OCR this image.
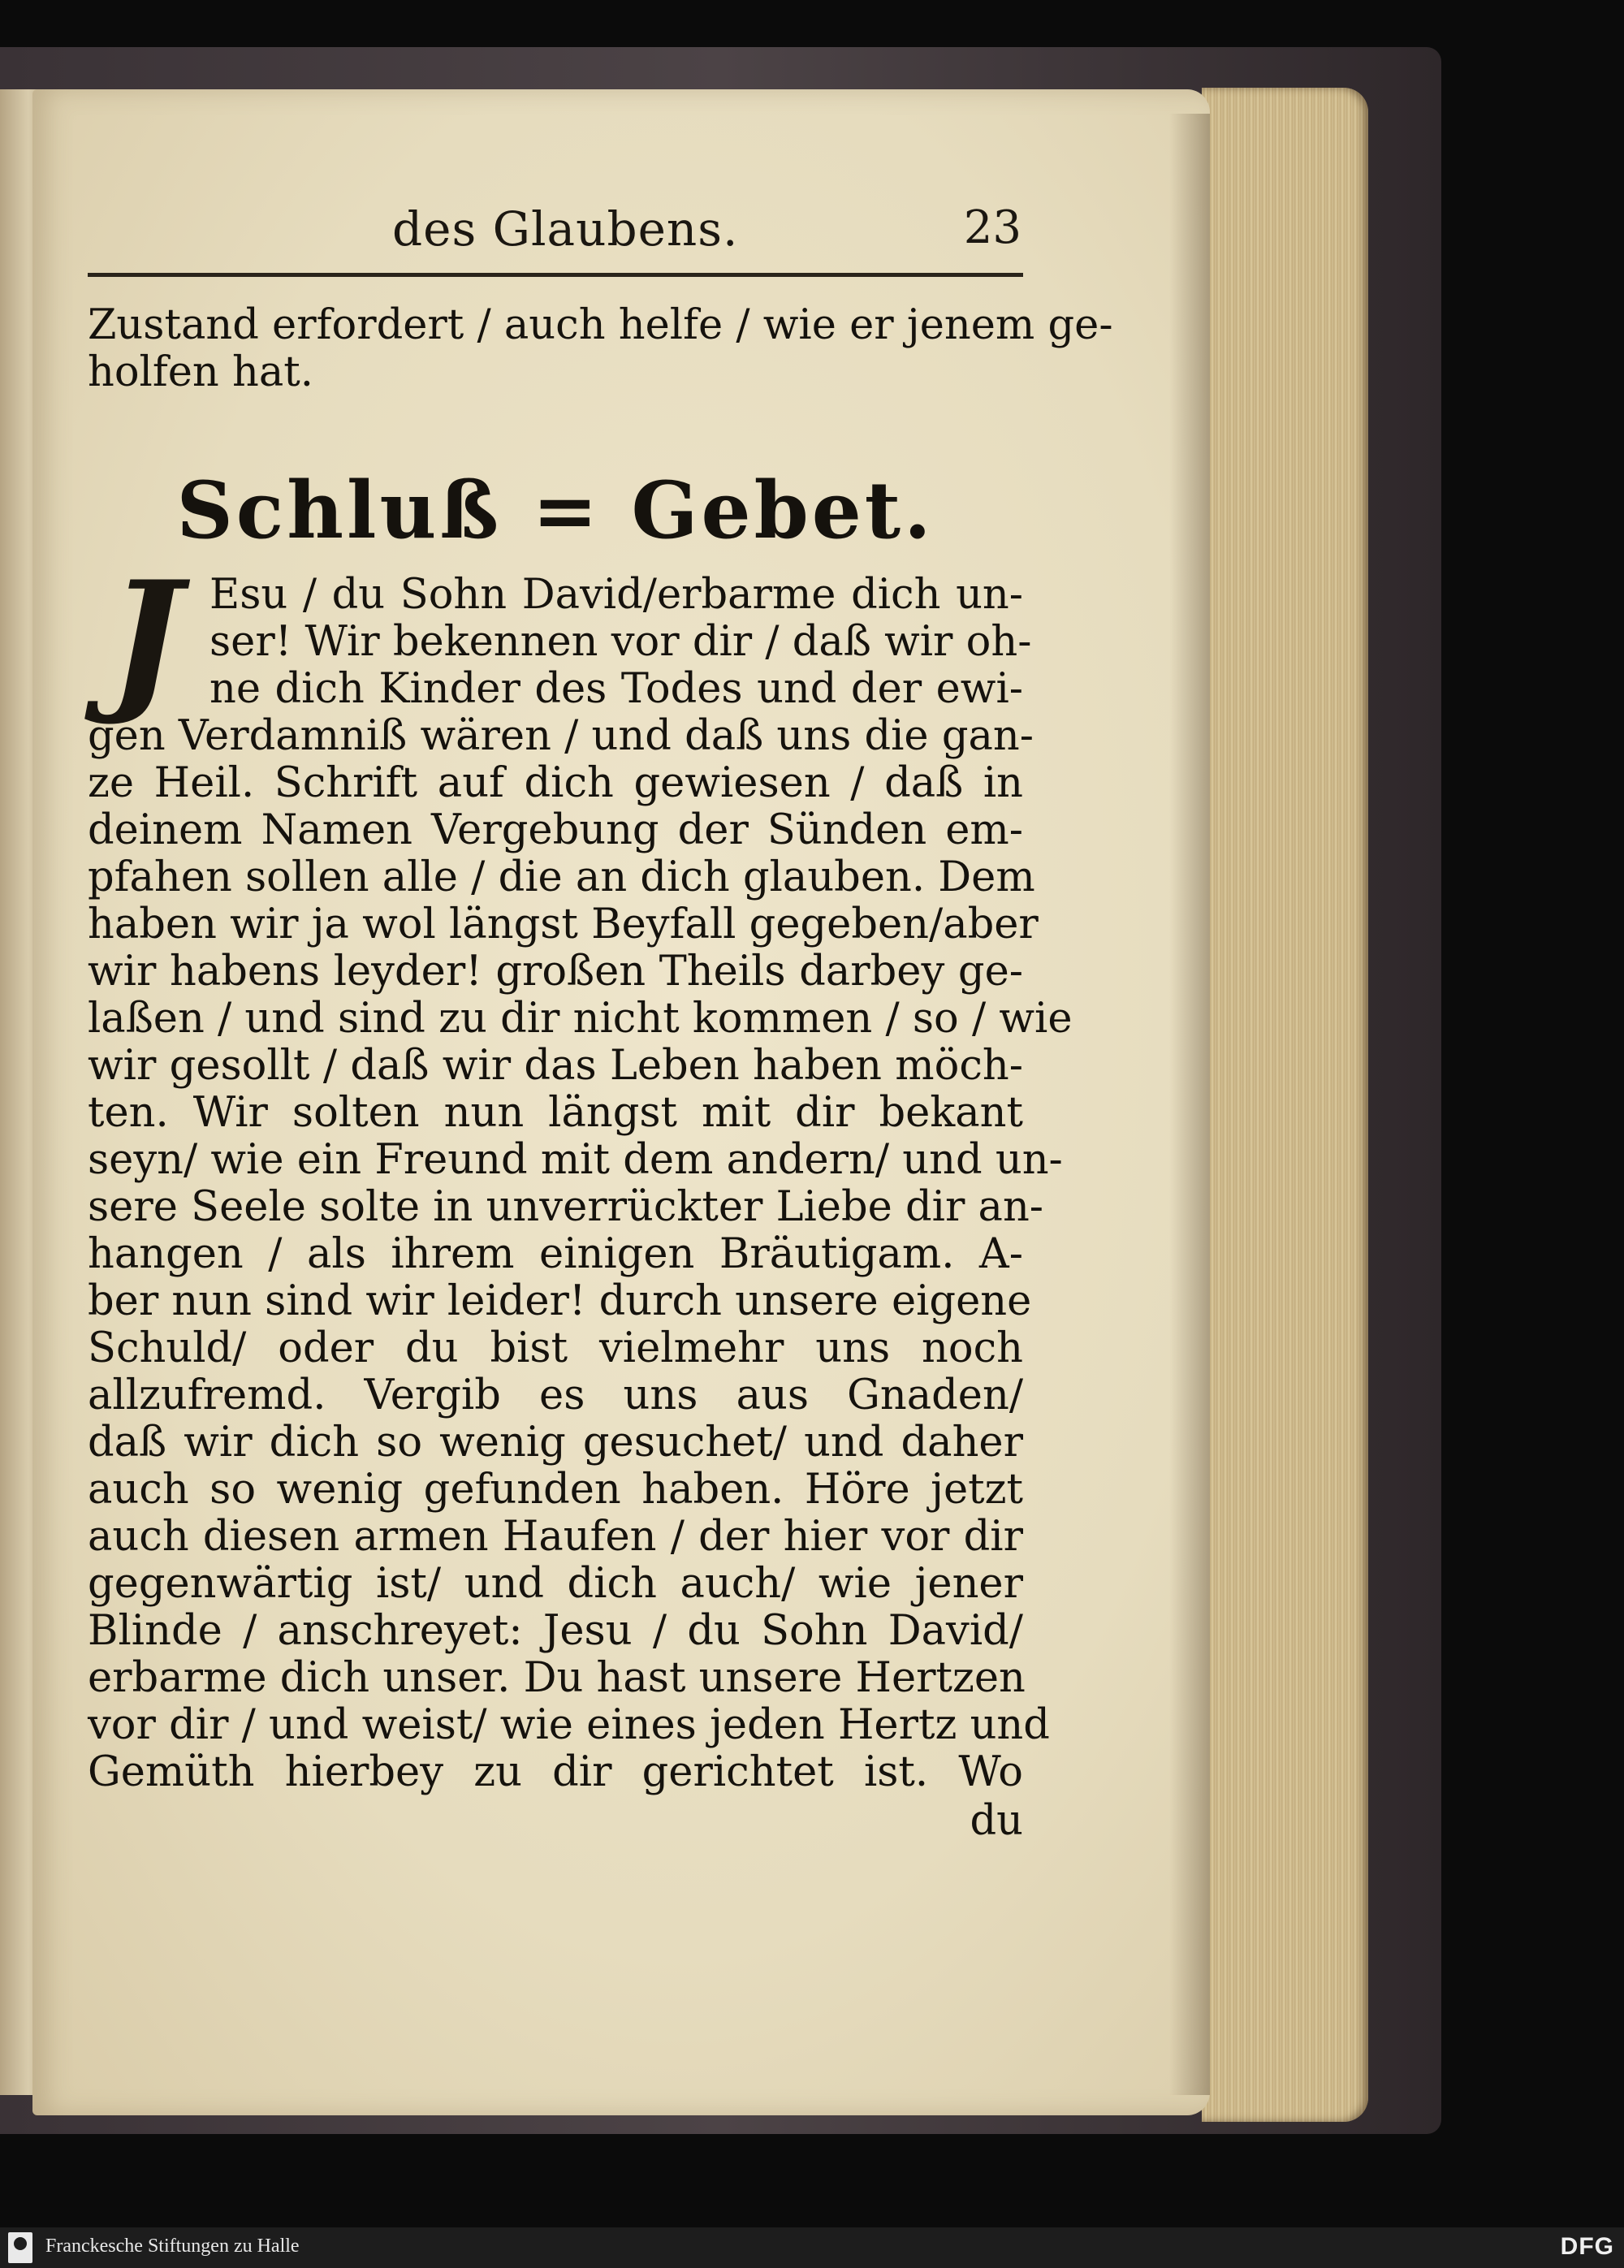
des Glaubens.	23
Zustand erfordert / auch helfe / wie er jenem ge-
holfen hat.
Schluß = Gebet.
J Esu / du Sohn David/erbarme dich un-
ser! Wir bekennen vor dir / daß wir oh-
ne dich Kinder des Todes und der ewi-
gen Verdamniß wären / und daß uns die gan-
ze Heil. Schrift auf dich gewiesen / daß in
deinem Namen Vergebung der Sünden em-
pfahen sollen alle / die an dich glauben. Dem
haben wir ja wol längst Beyfall gegeben/aber
wir habens leyder! großen Theils darbey ge-
laßen / und sind zu dir nicht kommen / so / wie
wir gesollt / daß wir das Leben haben möch-
ten. Wir solten nun längst mit dir bekant
seyn/ wie ein Freund mit dem andern/ und un-
sere Seele solte in unverrückter Liebe dir an-
hangen / als ihrem einigen Bräutigam. A-
ber nun sind wir leider! durch unsere eigene
Schuld/ oder du bist vielmehr uns noch
allzufremd. Vergib es uns aus Gnaden/
daß wir dich so wenig gesuchet/ und daher
auch so wenig gefunden haben. Höre jetzt
auch diesen armen Haufen / der hier vor dir
gegenwärtig ist/ und dich auch/ wie jener
Blinde / anschreyet: Jesu / du Sohn David/
erbarme dich unser. Du hast unsere Hertzen
vor dir / und weist/ wie eines jeden Hertz und
Gemüth hierbey zu dir gerichtet ist. Wo
du
Franckesche Stiftungen zu Halle	DFG
